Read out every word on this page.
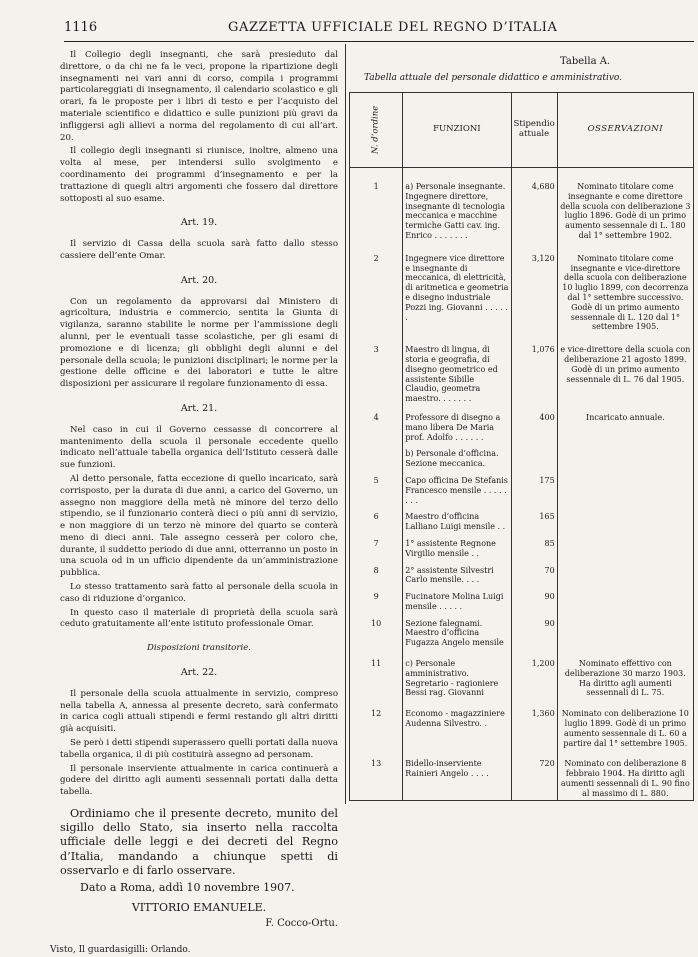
1116	GAZZETTA UFFICIALE DEL REGNO D’ITALIA

Il Collegio degli insegnanti, che sarà presieduto dal direttore, o da chi ne fa le veci, propone la ripartizione degli insegnamenti nei vari anni di corso, compila i programmi particolareggiati di insegnamento, il calendario scolastico e gli orari, fa le proposte per i libri di testo e per l’acquisto del materiale scientifico e didattico e sulle punizioni più gravi da infliggersi agli allievi a norma del regolamento di cui all’art. 20.

Il collegio degli insegnanti si riunisce, inoltre, almeno una volta al mese, per intendersi sullo svolgimento e coordinamento dei programmi d’insegnamento e per la trattazione di quegli altri argomenti che fossero dal direttore sottoposti al suo esame.

Art. 19.

Il servizio di Cassa della scuola sarà fatto dallo stesso cassiere dell’ente Omar.

Art. 20.

Con un regolamento da approvarsi dal Ministero di agricoltura, industria e commercio, sentita la Giunta di vigilanza, saranno stabilite le norme per l’ammissione degli alunni, per le eventuali tasse scolastiche, per gli esami di promozione e di licenza; gli obblighi degli alunni e del personale della scuola; le punizioni disciplinari; le norme per la gestione delle officine e dei laboratori e tutte le altre disposizioni per assicurare il regolare funzionamento di essa.

Art. 21.

Nel caso in cui il Governo cessasse di concorrere al mantenimento della scuola il personale eccedente quello indicato nell’attuale tabella organica dell’Istituto cesserà dalle sue funzioni.

Al detto personale, fatta eccezione di quello incaricato, sarà corrisposto, per la durata di due anni, a carico del Governo, un assegno non maggiore della metà nè minore del terzo dello stipendio, se il funzionario conterà dieci o più anni di servizio, e non maggiore di un terzo nè minore del quarto se conterà meno di dieci anni. Tale assegno cesserà per coloro che, durante, il suddetto periodo di due anni, otterranno un posto in una scuola od in un ufficio dipendente da un’amministrazione pubblica.

Lo stesso trattamento sarà fatto al personale della scuola in caso di riduzione d’organico.

In questo caso il materiale di proprietà della scuola sarà ceduto gratuitamente all’ente istituto professionale Omar.

Disposizioni transitorie.

Art. 22.

Il personale della scuola attualmente in servizio, compreso nella tabella A, annessa al presente decreto, sarà confermato in carica cogli attuali stipendi e fermi restando gli altri diritti già acquisiti.

Se però i detti stipendi superassero quelli portati dalla nuova tabella organica, il di più costituirà assegno ad personam.

Il personale inserviente attualmente in carica continuerà a godere del diritto agli aumenti sessennali portati dalla detta tabella.

Ordiniamo che il presente decreto, munito del sigillo dello Stato, sia inserto nella raccolta ufficiale delle leggi e dei decreti del Regno d’Italia, mandando a chiunque spetti di osservarlo e di farlo osservare.

Dato a Roma, addì 10 novembre 1907.

VITTORIO EMANUELE.

F. Cocco-Ortu.

Visto, Il guardasigilli: Orlando.

Tabella A.
Tabella attuale del personale didattico e amministrativo.
N. d’ordine	FUNZIONI	Stipendio attuale	OSSERVAZIONI
1	a) Personale insegnante. Ingegnere direttore, insegnante di tecnologia meccanica e macchine termiche Gatti cav. ing. Enrico . . . . . . .	4,680	Nominato titolare come insegnante e come direttore della scuola con deliberazione 3 luglio 1896. Godè di un primo aumento sessennale di L. 180 dal 1° settembre 1902.
2	Ingegnere vice direttore e insegnante di meccanica, di elettricità, di aritmetica e geometria e disegno industriale Pozzi ing. Giovanni . . . . . .	3,120	Nominato titolare come insegnante e vice-direttore della scuola con deliberazione 10 luglio 1899, con decorrenza dal 1° settembre successivo. Godè di un primo aumento sessennale di L. 120 dal 1° settembre 1905.
3	Maestro di lingua, di storia e geografia, di disegno geometrico ed assistente Sibille Claudio, geometra maestro. . . . . . .	1,076	e vice-direttore della scuola con deliberazione 21 agosto 1899. Godè di un primo aumento sessennale di L. 76 dal 1905.
4	Professore di disegno a mano libera De Maria prof. Adolfo . . . . . .	400	Incaricato annuale.
	b) Personale d’officina. Sezione meccanica.		
5	Capo officina De Stefanis Francesco mensile . . . . . . . .	175	
6	Maestro d’officina Lalliano Luigi mensile . .	165	
7	1° assistente Regnone Virgilio mensile . .	85	
8	2° assistente Silvestri Carlo mensile. . . .	70	
9	Fucinatore Molina Luigi mensile . . . . .	90	
10	Sezione falegnami. Maestro d’officina Fugazza Angelo mensile	90	
11	c) Personale amministrativo. Segretario - ragioniere Bessi rag. Giovanni	1,200	Nominato effettivo con deliberazione 30 marzo 1903. Ha diritto agli aumenti sessennali di L. 75.
12	Economo - magazziniere Audenna Silvestro. .	1,360	Nominato con deliberazione 10 luglio 1899. Godè di un primo aumento sessennale di L. 60 a partire dal 1° settembre 1905.
13	Bidello-inserviente Rainieri Angelo . . . .	720	Nominato con deliberazione 8 febbraio 1904. Ha diritto agli aumenti sessennali di L. 90 fino al massimo di L. 880.
